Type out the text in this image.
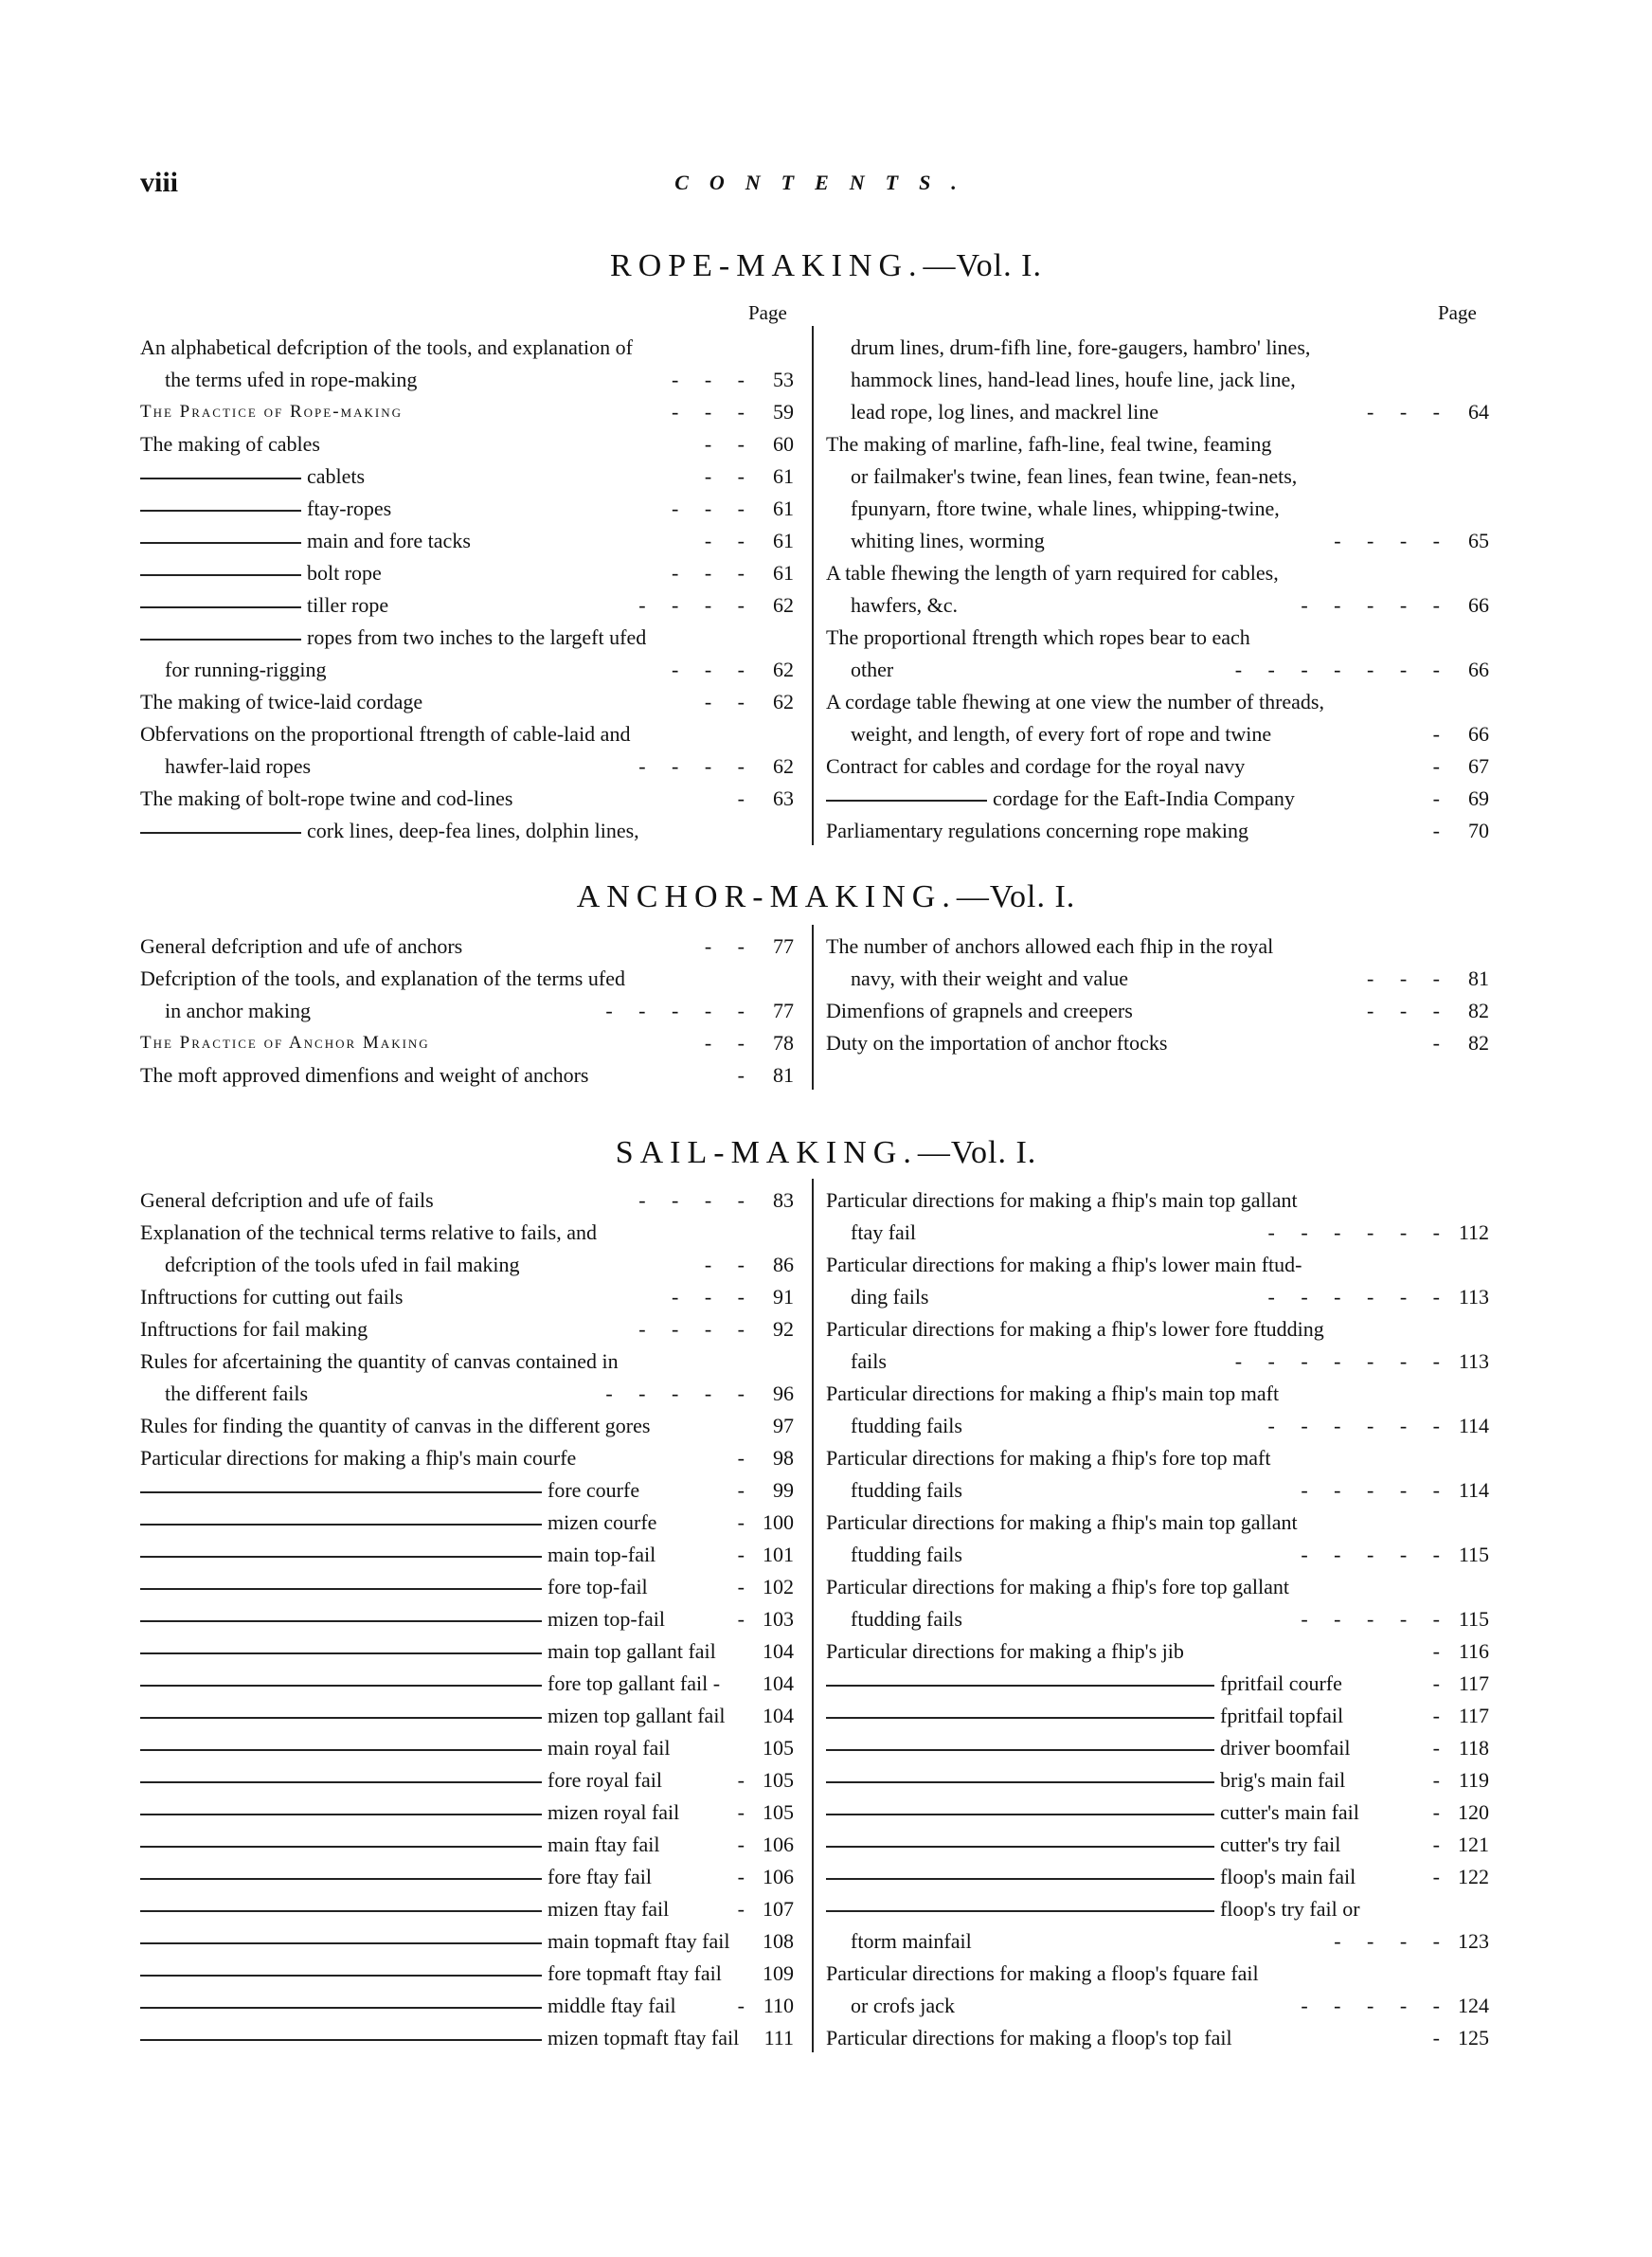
viii	CONTENTS.
ROPE-MAKING.—Vol. I.
Page	Page
An alphabetical defcription of the tools, and explanation of
the terms ufed in rope-making	-     -     - 53
The Practice of Rope-making	-     -     - 59
The making of cables	-     - 60
cablets	-     - 61
ftay-ropes	-     -     - 61
main and fore tacks	-     - 61
bolt rope	-     -     - 61
tiller rope	-     -     -     - 62
ropes from two inches to the largeft ufed
for running-rigging	-     -     - 62
The making of twice-laid cordage	-     - 62
Obfervations on the proportional ftrength of cable-laid and
hawfer-laid ropes	-     -     -     - 62
The making of bolt-rope twine and cod-lines	- 63
cork lines, deep-fea lines, dolphin lines,
drum lines, drum-fifh line, fore-gaugers, hambro' lines,
hammock lines, hand-lead lines, houfe line, jack line,
lead rope, log lines, and mackrel line	-     -     - 64
The making of marline, fafh-line, feal twine, feaming
or failmaker's twine, fean lines, fean twine, fean-nets,
fpunyarn, ftore twine, whale lines, whipping-twine,
whiting lines, worming	-     -     -     - 65
A table fhewing the length of yarn required for cables,
hawfers, &c.	-     -     -     -     - 66
The proportional ftrength which ropes bear to each
other	-     -     -     -     -     -     - 66
A cordage table fhewing at one view the number of threads,
weight, and length, of every fort of rope and twine	- 66
Contract for cables and cordage for the royal navy	- 67
cordage for the Eaft-India Company	- 69
Parliamentary regulations concerning rope making	- 70
ANCHOR-MAKING.—Vol. I.
General defcription and ufe of anchors	-     - 77
Defcription of the tools, and explanation of the terms ufed
in anchor making	-     -     -     -     - 77
The Practice of Anchor Making	-     - 78
The moft approved dimenfions and weight of anchors	- 81
The number of anchors allowed each fhip in the royal
navy, with their weight and value	-     -     - 81
Dimenfions of grapnels and creepers	-     -     - 82
Duty on the importation of anchor ftocks	- 82
SAIL-MAKING.—Vol. I.
General defcription and ufe of fails	-     -     -     - 83
Explanation of the technical terms relative to fails, and
defcription of the tools ufed in fail making	-     - 86
Inftructions for cutting out fails	-     -     - 91
Inftructions for fail making	-     -     -     - 92
Rules for afcertaining the quantity of canvas contained in
the different fails	-     -     -     -     - 96
Rules for finding the quantity of canvas in the different gores	97
Particular directions for making a fhip's main courfe	- 98
fore courfe	- 99
mizen courfe	- 100
main top-fail	- 101
fore top-fail	- 102
mizen top-fail	- 103
main top gallant fail 104
fore top gallant fail - 104
mizen top gallant fail 104
main royal fail	105
fore royal fail	- 105
mizen royal fail	- 105
main ftay fail	- 106
fore ftay fail	- 106
mizen ftay fail	- 107
main topmaft ftay fail 108
fore topmaft ftay fail 109
middle ftay fail	- 110
mizen topmaft ftay fail 111
Particular directions for making a fhip's main top gallant
ftay fail	-     -     -     -     -     - 112
Particular directions for making a fhip's lower main ftud-
ding fails	-     -     -     -     -     - 113
Particular directions for making a fhip's lower fore ftudding
fails	-     -     -     -     -     -     - 113
Particular directions for making a fhip's main top maft
ftudding fails	-     -     -     -     -     - 114
Particular directions for making a fhip's fore top maft
ftudding fails	-     -     -     -     - 114
Particular directions for making a fhip's main top gallant
ftudding fails	-     -     -     -     - 115
Particular directions for making a fhip's fore top gallant
ftudding fails	-     -     -     -     - 115
Particular directions for making a fhip's jib	- 116
fpritfail courfe	- 117
fpritfail topfail	- 117
driver boomfail	- 118
brig's main fail	- 119
cutter's main fail	- 120
cutter's try fail	- 121
floop's main fail	- 122
floop's try fail or
ftorm mainfail	-     -     -     - 123
Particular directions for making a floop's fquare fail
or crofs jack	-     -     -     -     - 124
Particular directions for making a floop's top fail	- 125
